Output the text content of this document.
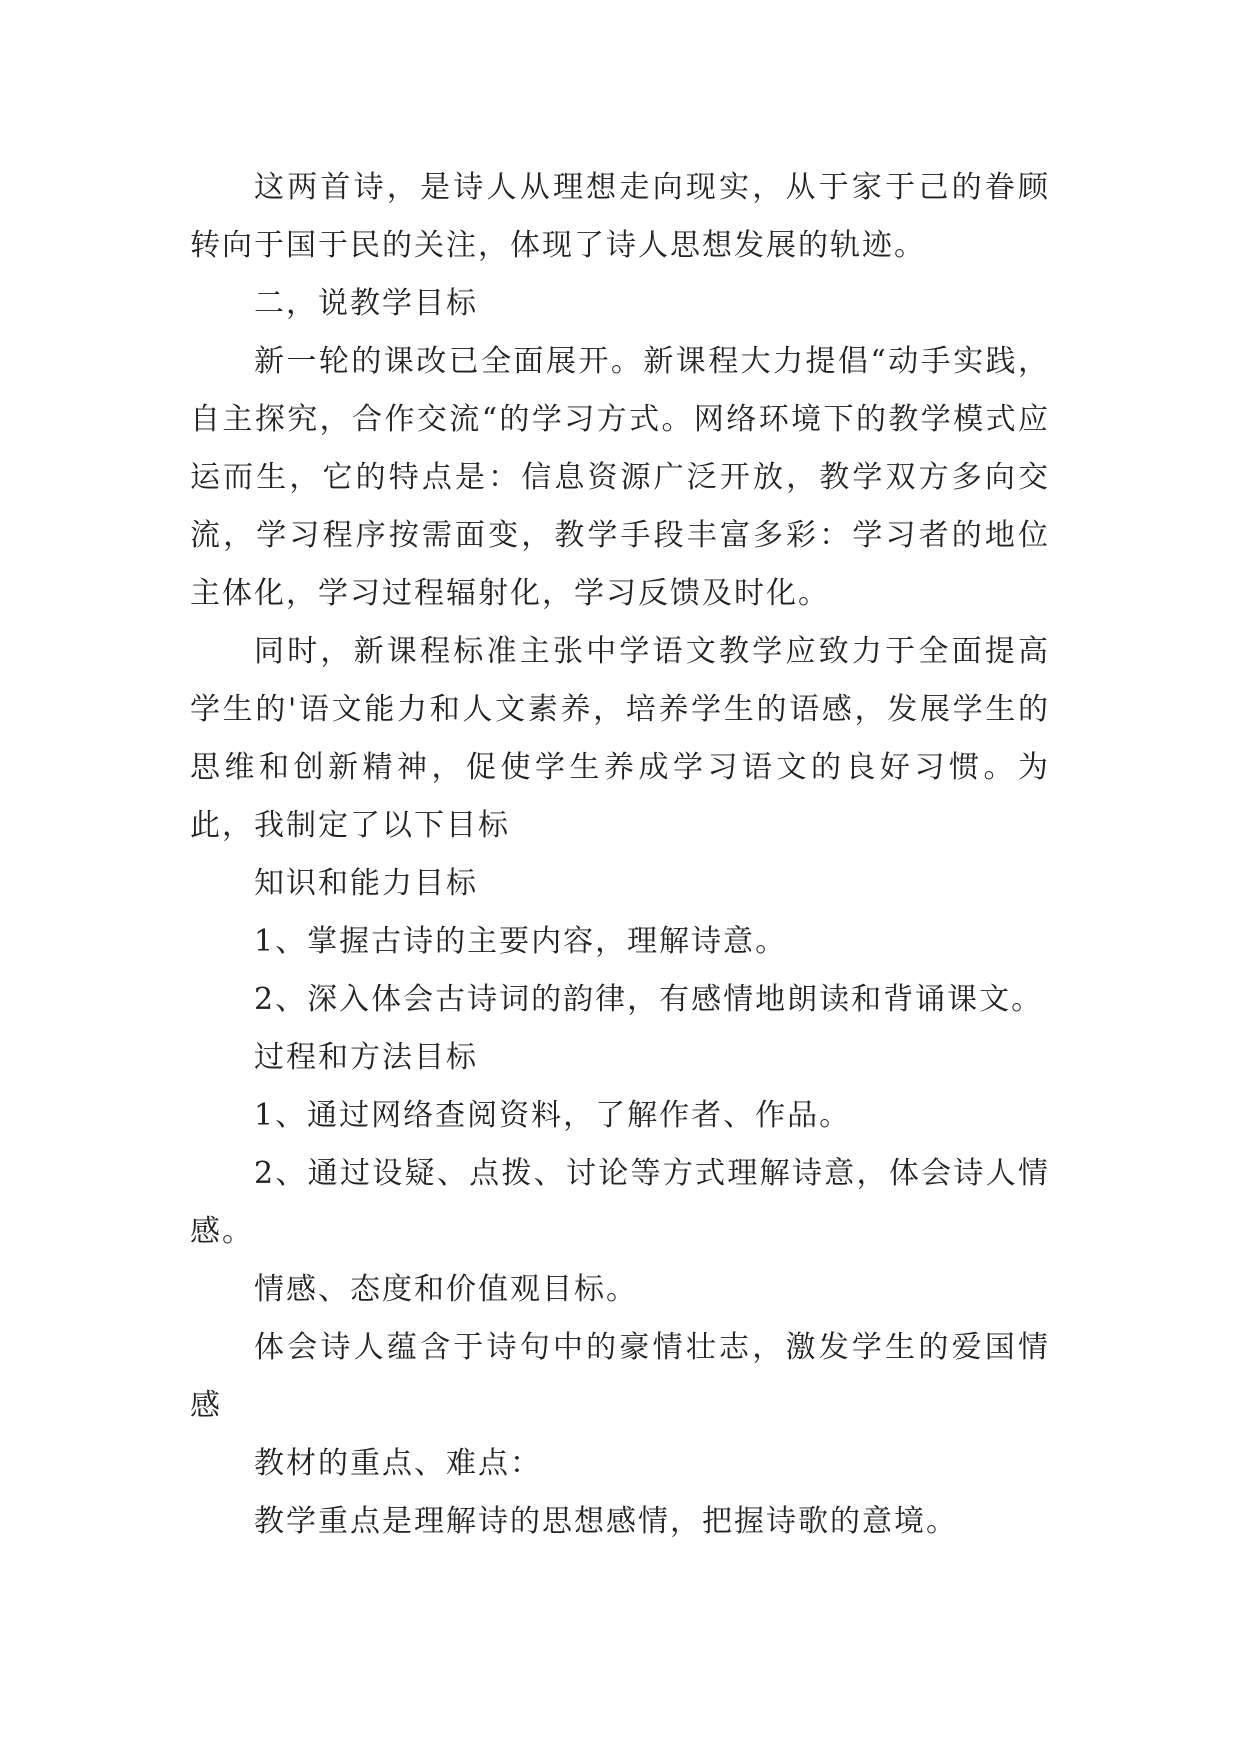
这两首诗，是诗人从理想走向现实，从于家于己的眷顾转向于国于民的关注，体现了诗人思想发展的轨迹。

二，说教学目标

新一轮的课改已全面展开。新课程大力提倡“动手实践，自主探究，合作交流“的学习方式。网络环境下的教学模式应运而生，它的特点是：信息资源广泛开放，教学双方多向交流，学习程序按需面变，教学手段丰富多彩：学习者的地位主体化，学习过程辐射化，学习反馈及时化。

同时，新课程标准主张中学语文教学应致力于全面提高学生的'语文能力和人文素养，培养学生的语感，发展学生的思维和创新精神，促使学生养成学习语文的良好习惯。为此，我制定了以下目标

知识和能力目标

1、掌握古诗的主要内容，理解诗意。

2、深入体会古诗词的韵律，有感情地朗读和背诵课文。

过程和方法目标

1、通过网络查阅资料，了解作者、作品。

2、通过设疑、点拨、讨论等方式理解诗意，体会诗人情感。

情感、态度和价值观目标。

体会诗人蕴含于诗句中的豪情壮志，激发学生的爱国情感

教材的重点、难点：

教学重点是理解诗的思想感情，把握诗歌的意境。
